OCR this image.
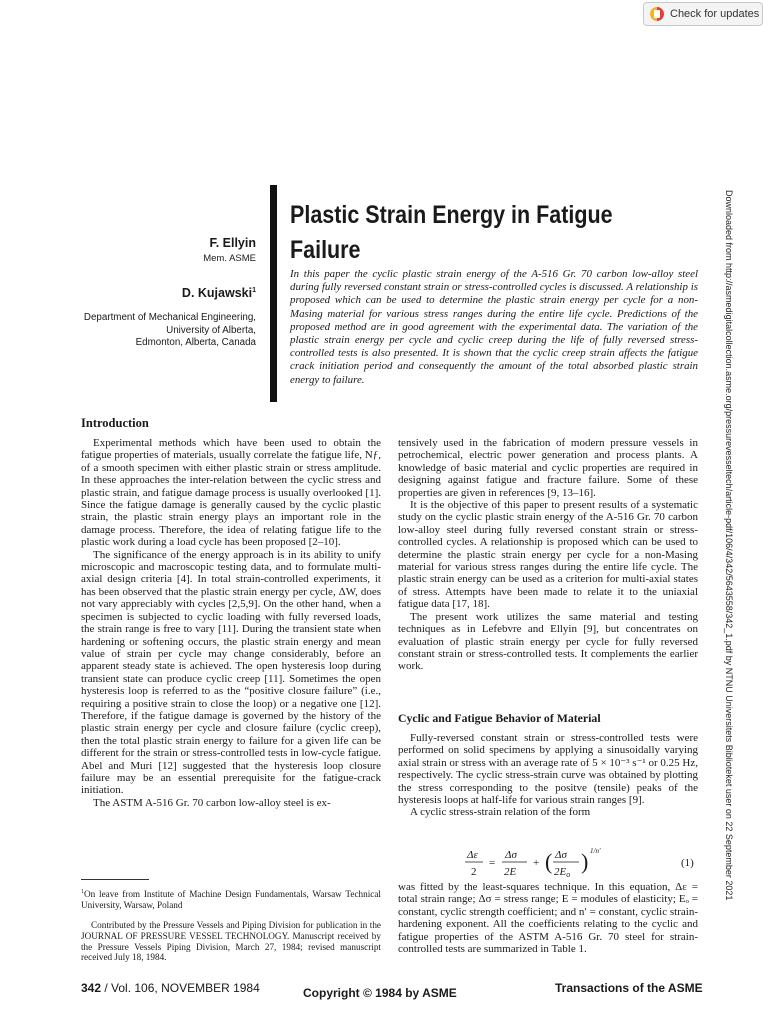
Check for updates
Plastic Strain Energy in Fatigue Failure
F. Ellyin
Mem. ASME
D. Kujawski$^1$
Department of Mechanical Engineering,
University of Alberta,
Edmonton, Alberta, Canada
In this paper the cyclic plastic strain energy of the A-516 Gr. 70 carbon low-alloy steel during fully reversed constant strain or stress-controlled cycles is discussed. A relationship is proposed which can be used to determine the plastic strain energy per cycle for a non-Masing material for various stress ranges during the entire life cycle. Predictions of the proposed method are in good agreement with the experimental data. The variation of the plastic strain energy per cycle and cyclic creep during the life of fully reversed stress-controlled tests is also presented. It is shown that the cyclic creep strain affects the fatigue crack initiation period and consequently the amount of the total absorbed plastic strain energy to failure.
Introduction

Experimental methods which have been used to obtain the fatigue properties of materials, usually correlate the fatigue life, Nƒ, of a smooth specimen with either plastic strain or stress amplitude. In these approaches the inter-relation between the cyclic stress and plastic strain, and fatigue damage process is usually overlooked [1]. Since the fatigue damage is generally caused by the cyclic plastic strain, the plastic strain energy plays an important role in the damage process. Therefore, the idea of relating fatigue life to the plastic work during a load cycle has been proposed [2–10].

The significance of the energy approach is in its ability to unify microscopic and macroscopic testing data, and to formulate multi-axial design criteria [4]. In total strain-controlled experiments, it has been observed that the plastic strain energy per cycle, ΔW, does not vary appreciably with cycles [2,5,9]. On the other hand, when a specimen is subjected to cyclic loading with fully reversed loads, the strain range is free to vary [11]. During the transient state when hardening or softening occurs, the plastic strain energy and mean value of strain per cycle may change considerably, before an apparent steady state is achieved. The open hysteresis loop during transient state can produce cyclic creep [11]. Sometimes the open hysteresis loop is referred to as the “positive closure failure” (i.e., requiring a positive strain to close the loop) or a negative one [12]. Therefore, if the fatigue damage is governed by the history of the plastic strain energy per cycle and closure failure (cyclic creep), then the total plastic strain energy to failure for a given life can be different for the strain or stress-controlled tests in low-cycle fatigue. Abel and Muri [12] suggested that the hysteresis loop closure failure may be an essential prerequisite for the fatigue-crack initiation.

The ASTM A-516 Gr. 70 carbon low-alloy steel is ex-

$^1$On leave from Institute of Machine Design Fundamentals, Warsaw Technical University, Warsaw, Poland
Contributed by the Pressure Vessels and Piping Division for publication in the JOURNAL OF PRESSURE VESSEL TECHNOLOGY. Manuscript received by the Pressure Vessels Piping Division, March 27, 1984; revised manuscript received July 18, 1984.

tensively used in the fabrication of modern pressure vessels in petrochemical, electric power generation and process plants. A knowledge of basic material and cyclic properties are required in designing against fatigue and fracture failure. Some of these properties are given in references [9, 13–16].

It is the objective of this paper to present results of a systematic study on the cyclic plastic strain energy of the A-516 Gr. 70 carbon low-alloy steel during fully reversed constant strain or stress-controlled cycles. A relationship is proposed which can be used to determine the plastic strain energy per cycle for a non-Masing material for various stress ranges during the entire life cycle. The plastic strain energy can be used as a criterion for multi-axial states of stress. Attempts have been made to relate it to the uniaxial fatigue data [17, 18].

The present work utilizes the same material and testing techniques as in Lefebvre and Ellyin [9], but concentrates on evaluation of plastic strain energy per cycle for fully reversed constant strain or stress-controlled tests. It complements the earlier work.

Cyclic and Fatigue Behavior of Material

Fully-reversed constant strain or stress-controlled tests were performed on solid specimens by applying a sinusoidally varying axial strain or stress with an average rate of 5 × 10⁻³ s⁻¹ or 0.25 Hz, respectively. The cyclic stress-strain curve was obtained by plotting the stress corresponding to the positve (tensile) peaks of the hysteresis loops at half-life for various strain ranges [9].

A cyclic stress-strain relation of the form

Δε
2
=
Δσ
2E
+ ( Δσ
2Eo
) 1/n′
(1)
was fitted by the least-squares technique. In this equation, Δε = total strain range; Δσ = stress range; E = modules of elasticity; Eₒ = constant, cyclic strength coefficient; and n′ = constant, cyclic strain-hardening exponent. All the coefficients relating to the cyclic and fatigue properties of the ASTM A-516 Gr. 70 steel for strain-controlled tests are summarized in Table 1.
Downloaded from http://asmedigitalcollection.asme.org/pressurevesseltech/article-pdf/106/4/342/5643558/342_1.pdf by NTNU Universitets Biblioteket user on 22 September 2021
342 / Vol. 106, NOVEMBER 1984	Copyright © 1984 by ASME	Transactions of the ASME
